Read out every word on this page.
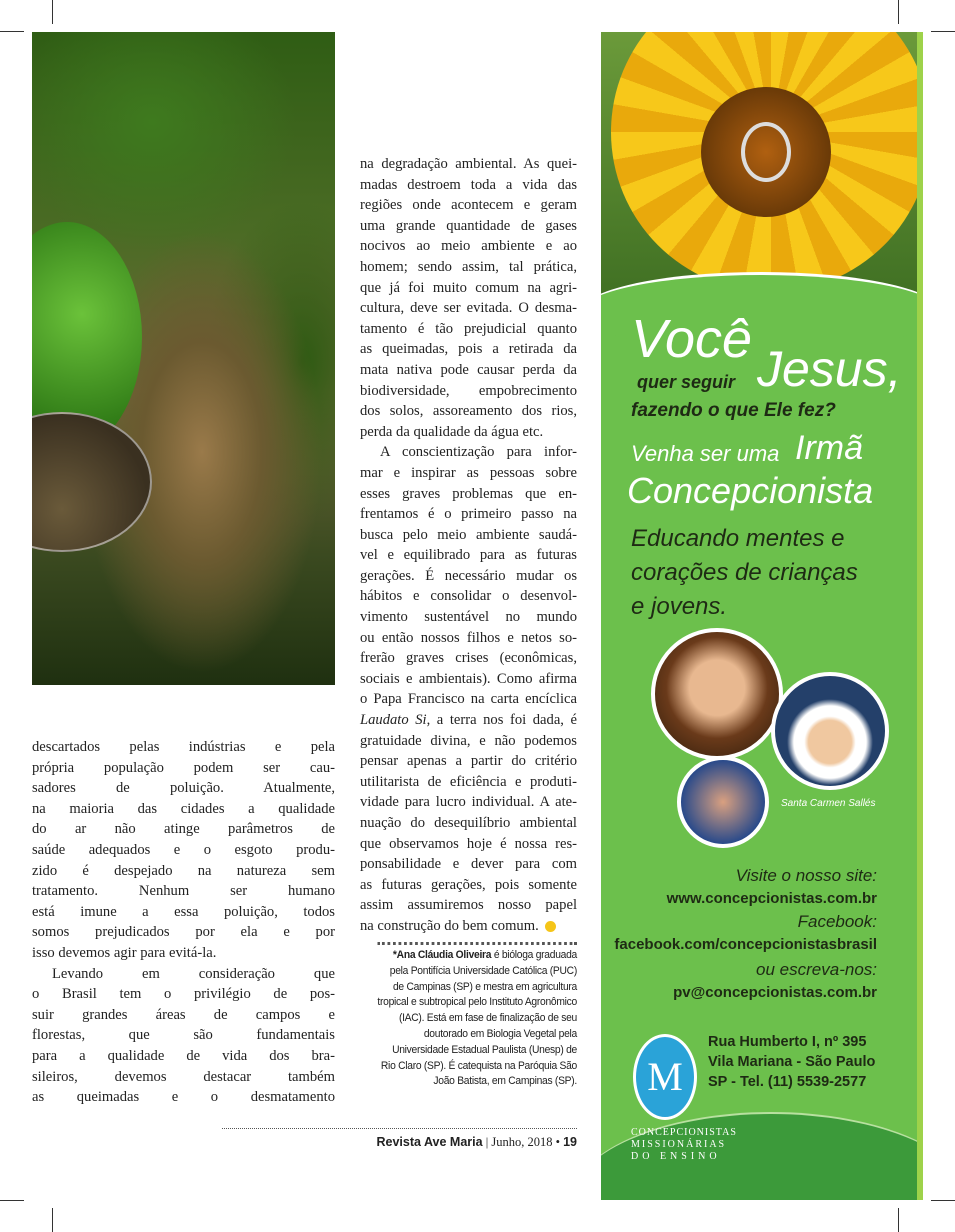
na degradação ambiental. As quei-
madas destroem toda a vida das
regiões onde acontecem e geram
uma grande quantidade de gases
nocivos ao meio ambiente e ao
homem; sendo assim, tal prática,
que já foi muito comum na agri-
cultura, deve ser evitada. O desma-
tamento é tão prejudicial quanto
as queimadas, pois a retirada da
mata nativa pode causar perda da
biodiversidade, empobrecimento
dos solos, assoreamento dos rios,
perda da qualidade da água etc.
A conscientização para infor-
mar e inspirar as pessoas sobre
esses graves problemas que en-
frentamos é o primeiro passo na
busca pelo meio ambiente saudá-
vel e equilibrado para as futuras
gerações. É necessário mudar os
hábitos e consolidar o desenvol-
vimento sustentável no mundo
ou então nossos filhos e netos so-
frerão graves crises (econômicas,
sociais e ambientais). Como afirma
o Papa Francisco na carta encíclica
Laudato Si, a terra nos foi dada, é
gratuidade divina, e não podemos
pensar apenas a partir do critério
utilitarista de eficiência e produti-
vidade para lucro individual. A ate-
nuação do desequilíbrio ambiental
que observamos hoje é nossa res-
ponsabilidade e dever para com
as futuras gerações, pois somente
assim assumiremos nosso papel
na construção do bem comum.
descartados pelas indústrias e pela
própria população podem ser cau-
sadores de poluição. Atualmente,
na maioria das cidades a qualidade
do ar não atinge parâmetros de
saúde adequados e o esgoto produ-
zido é despejado na natureza sem
tratamento. Nenhum ser humano
está imune a essa poluição, todos
somos prejudicados por ela e por
isso devemos agir para evitá-la.
Levando em consideração que
o Brasil tem o privilégio de pos-
suir grandes áreas de campos e
florestas, que são fundamentais
para a qualidade de vida dos bra-
sileiros, devemos destacar também
as queimadas e o desmatamento
*Ana Cláudia Oliveira é bióloga graduada pela Pontifícia Universidade Católica (PUC) de Campinas (SP) e mestra em agricultura tropical e subtropical pelo Instituto Agronômico (IAC). Está em fase de finalização de seu doutorado em Biologia Vegetal pela Universidade Estadual Paulista (Unesp) de Rio Claro (SP). É catequista na Paróquia São João Batista, em Campinas (SP).
Revista Ave Maria | Junho, 2018 • 19
Você
quer seguir Jesus,
fazendo o que Ele fez?
Venha ser uma Irmã
Concepcionista
Educando mentes e
corações de crianças
e jovens.
Santa Carmen Sallés
Visite o nosso site:
www.concepcionistas.com.br
Facebook:
facebook.com/concepcionistasbrasil
ou escreva-nos:
pv@concepcionistas.com.br
Rua Humberto I, nº 395
Vila Mariana - São Paulo
SP - Tel. (11) 5539-2577
M
CONCEPCIONISTAS
MISSIONÁRIAS
DO ENSINO
